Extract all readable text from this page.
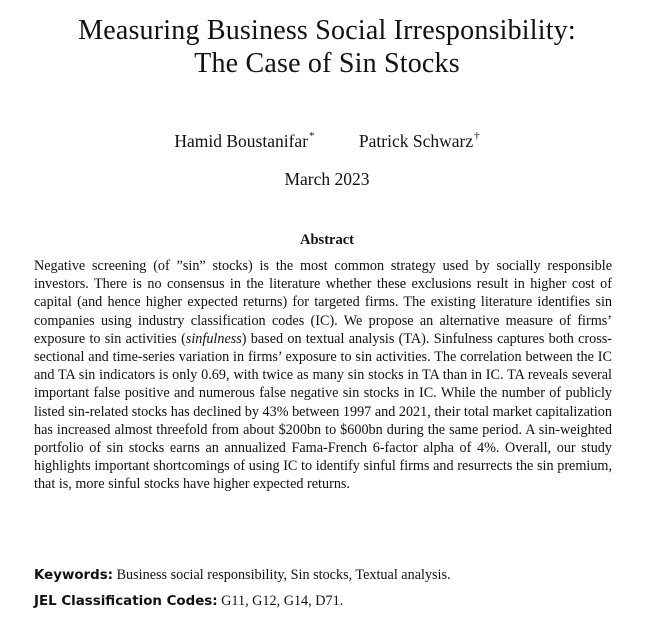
Measuring Business Social Irresponsibility:
The Case of Sin Stocks
Hamid Boustanifar*	Patrick Schwarz†
March 2023
Abstract
Negative screening (of ”sin” stocks) is the most common strategy used by socially responsible investors. There is no consensus in the literature whether these exclusions result in higher cost of capital (and hence higher expected returns) for targeted firms. The existing literature identifies sin companies using industry classification codes (IC). We propose an alternative measure of firms’ exposure to sin activities (sinfulness) based on textual analysis (TA). Sinfulness captures both cross-sectional and time-series variation in firms’ exposure to sin activities. The correlation between the IC and TA sin indicators is only 0.69, with twice as many sin stocks in TA than in IC. TA reveals several important false positive and numerous false negative sin stocks in IC. While the number of publicly listed sin-related stocks has declined by 43% between 1997 and 2021, their total market capitalization has increased almost threefold from about $200bn to $600bn during the same period. A sin-weighted portfolio of sin stocks earns an annualized Fama-French 6-factor alpha of 4%. Overall, our study highlights important shortcomings of using IC to identify sinful firms and resurrects the sin premium, that is, more sinful stocks have higher expected returns.
Keywords: Business social responsibility, Sin stocks, Textual analysis.
JEL Classification Codes: G11, G12, G14, D71.
